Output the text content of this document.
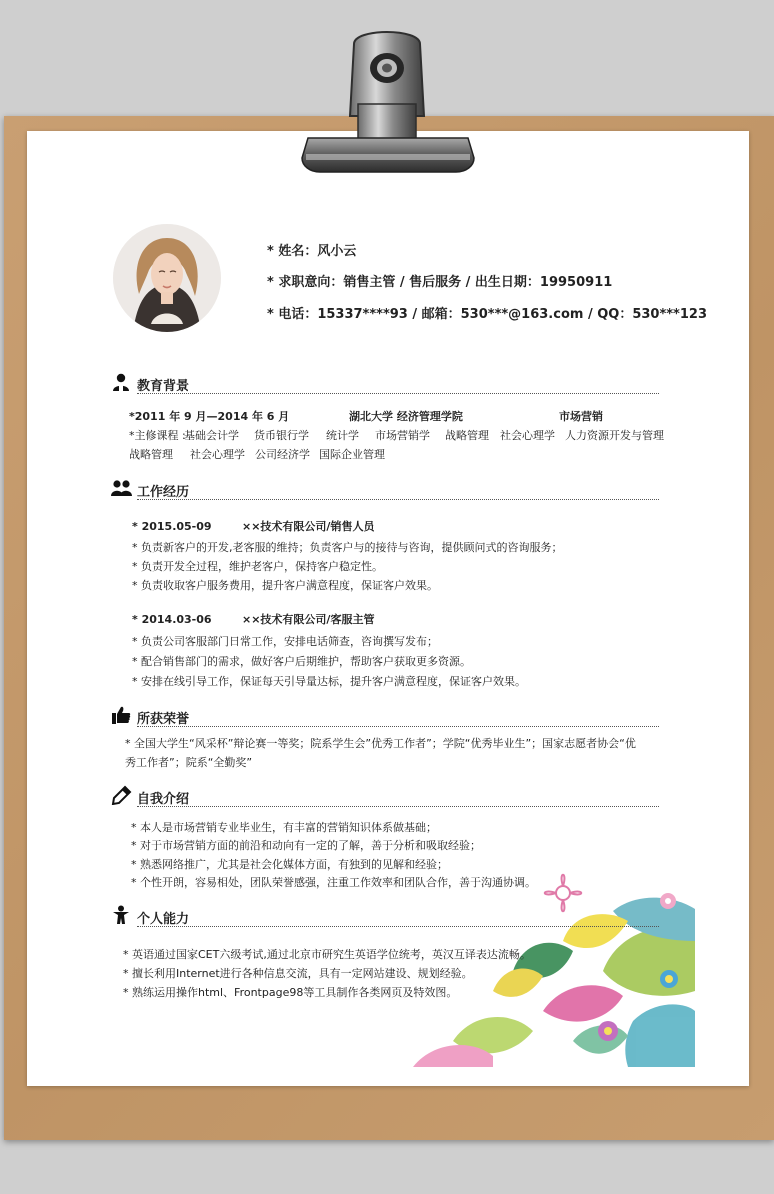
* 姓名：风小云
* 求职意向：销售主管 / 售后服务 / 出生日期：19950911
* 电话：15337****93 / 邮箱：530***@163.com / QQ：530***123
教育背景
*2011 年 9 月—2014 年 6 月	湖北大学 经济管理学院	市场营销
*主修课程 :
基础会计学 货币银行学 统计学 市场营销学 战略管理 社会心理学 人力资源开发与管理
战略管理 社会心理学 公司经济学 国际企业管理
工作经历
* 2015.05-09	××技术有限公司/销售人员
* 负责新客户的开发,老客服的维持；负责客户与的接待与咨询，提供顾问式的咨询服务；
* 负责开发全过程，维护老客户，保持客户稳定性。
* 负责收取客户服务费用，提升客户满意程度，保证客户效果。
* 2014.03-06	××技术有限公司/客服主管
* 负责公司客服部门日常工作，安排电话筛查，咨询撰写发布；
* 配合销售部门的需求，做好客户后期维护，帮助客户获取更多资源。
* 安排在线引导工作，保证每天引导量达标，提升客户满意程度，保证客户效果。
所获荣誉
* 全国大学生“风采杯”辩论赛一等奖；院系学生会”优秀工作者”；学院“优秀毕业生”；国家志愿者协会“优
秀工作者”；院系“全勤奖”
自我介绍
* 本人是市场营销专业毕业生，有丰富的营销知识体系做基础；
* 对于市场营销方面的前沿和动向有一定的了解，善于分析和吸取经验；
* 熟悉网络推广，尤其是社会化媒体方面，有独到的见解和经验；
* 个性开朗，容易相处，团队荣誉感强，注重工作效率和团队合作，善于沟通协调。
个人能力
* 英语通过国家CET六级考试,通过北京市研究生英语学位统考，英汉互译表达流畅。
* 擅长利用Internet进行各种信息交流，具有一定网站建设、规划经验。
* 熟练运用操作html、Frontpage98等工具制作各类网页及特效图。
